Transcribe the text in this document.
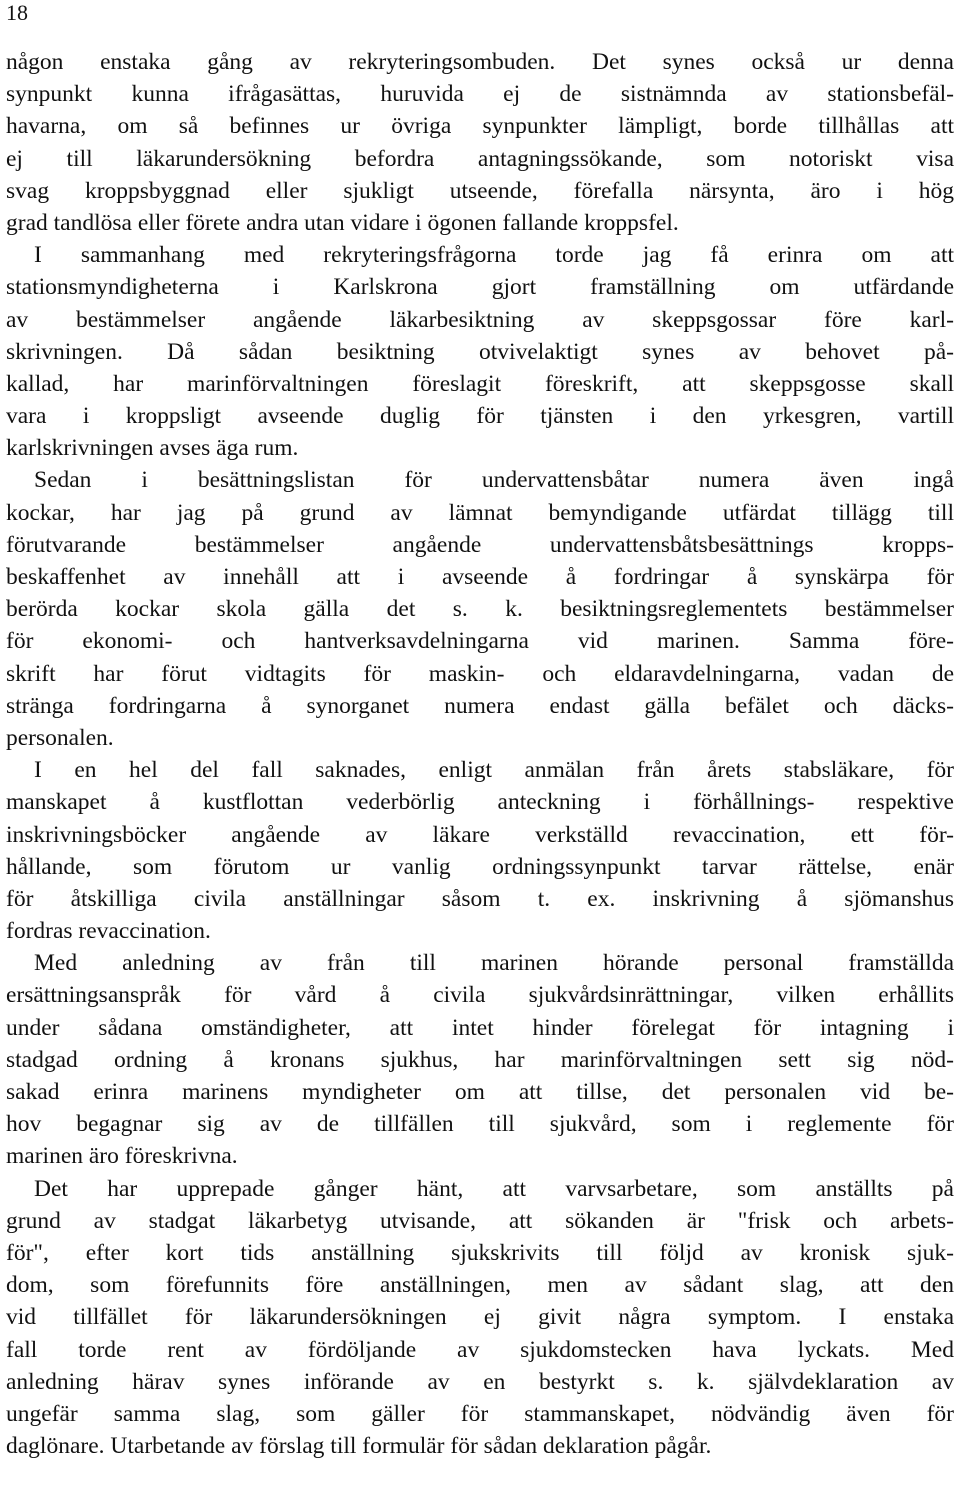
18
någon enstaka gång av rekryteringsombuden. Det synes också ur denna
synpunkt kunna ifrågasättas, huruvida ej de sistnämnda av stationsbefäl-
havarna, om så befinnes ur övriga synpunkter lämpligt, borde tillhållas att
ej till läkarundersökning befordra antagningssökande, som notoriskt visa
svag kroppsbyggnad eller sjukligt utseende, förefalla närsynta, äro i hög
grad tandlösa eller förete andra utan vidare i ögonen fallande kroppsfel.
I sammanhang med rekryteringsfrågorna torde jag få erinra om att
stationsmyndigheterna i Karlskrona gjort framställning om utfärdande
av bestämmelser angående läkarbesiktning av skeppsgossar före karl-
skrivningen. Då sådan besiktning otvivelaktigt synes av behovet på-
kallad, har marinförvaltningen föreslagit föreskrift, att skeppsgosse skall
vara i kroppsligt avseende duglig för tjänsten i den yrkesgren, vartill
karlskrivningen avses äga rum.
Sedan i besättningslistan för undervattensbåtar numera även ingå
kockar, har jag på grund av lämnat bemyndigande utfärdat tillägg till
förutvarande bestämmelser angående undervattensbåtsbesättnings kropps-
beskaffenhet av innehåll att i avseende å fordringar å synskärpa för
berörda kockar skola gälla det s. k. besiktningsreglementets bestämmelser
för ekonomi- och hantverksavdelningarna vid marinen. Samma före-
skrift har förut vidtagits för maskin- och eldaravdelningarna, vadan de
stränga fordringarna å synorganet numera endast gälla befälet och däcks-
personalen.
I en hel del fall saknades, enligt anmälan från årets stabsläkare, för
manskapet å kustflottan vederbörlig anteckning i förhållnings- respektive
inskrivningsböcker angående av läkare verkställd revaccination, ett för-
hållande, som förutom ur vanlig ordningssynpunkt tarvar rättelse, enär
för åtskilliga civila anställningar såsom t. ex. inskrivning å sjömanshus
fordras revaccination.
Med anledning av från till marinen hörande personal framställda
ersättningsanspråk för vård å civila sjukvårdsinrättningar, vilken erhållits
under sådana omständigheter, att intet hinder förelegat för intagning i
stadgad ordning å kronans sjukhus, har marinförvaltningen sett sig nöd-
sakad erinra marinens myndigheter om att tillse, det personalen vid be-
hov begagnar sig av de tillfällen till sjukvård, som i reglemente för
marinen äro föreskrivna.
Det har upprepade gånger hänt, att varvsarbetare, som anställts på
grund av stadgat läkarbetyg utvisande, att sökanden är "frisk och arbets-
för", efter kort tids anställning sjukskrivits till följd av kronisk sjuk-
dom, som förefunnits före anställningen, men av sådant slag, att den
vid tillfället för läkarundersökningen ej givit några symptom. I enstaka
fall torde rent av fördöljande av sjukdomstecken hava lyckats. Med
anledning härav synes införande av en bestyrkt s. k. självdeklaration av
ungefär samma slag, som gäller för stammanskapet, nödvändig även för
daglönare. Utarbetande av förslag till formulär för sådan deklaration pågår.
